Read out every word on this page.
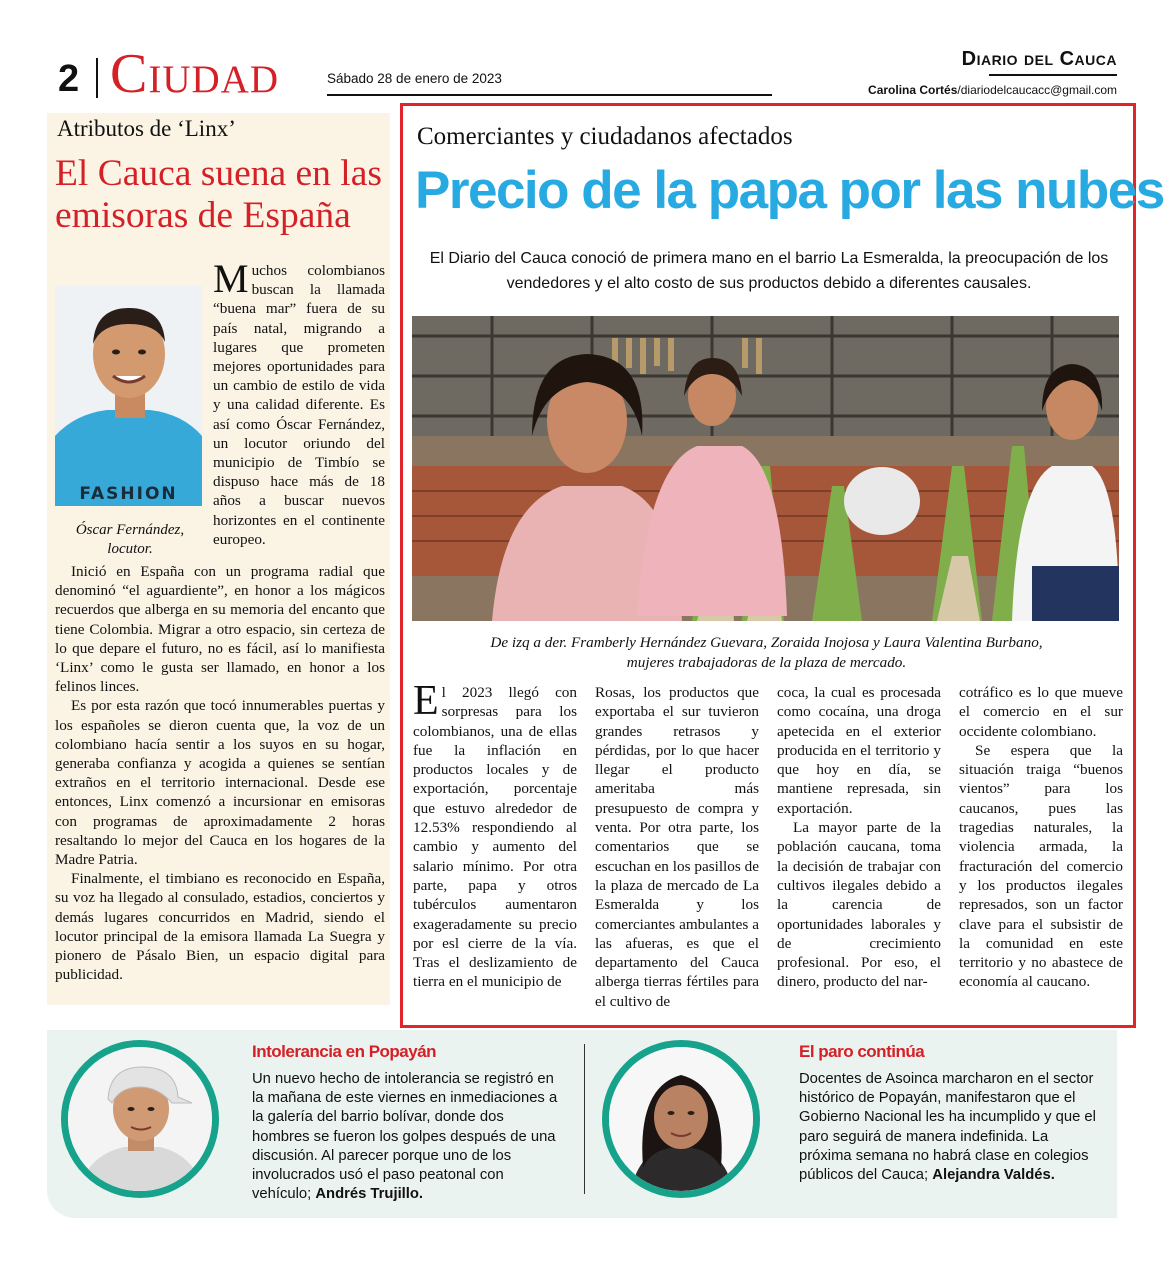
2 Ciudad	Sábado 28 de enero de 2023
Diario del Cauca
Carolina Cortés/diariodelcaucacc@gmail.com
Atributos de ‘Linx’
El Cauca suena en las emisoras de España
FASHION
Óscar Fernández, locutor.
Muchos colombianos buscan la llamada “buena mar” fuera de su país natal, migrando a lugares que prometen mejores oportunidades para un cambio de estilo de vida y una calidad diferente. Es así como Óscar Fernández, un locutor oriundo del municipio de Timbío se dispuso hace más de 18 años a buscar nuevos horizontes en el continente europeo.

Inició en España con un programa radial que denominó “el aguardiente”, en honor a los mágicos recuerdos que alberga en su memoria del encanto que tiene Colombia. Migrar a otro espacio, sin certeza de lo que depare el futuro, no es fácil, así lo manifiesta ‘Linx’ como le gusta ser llamado, en honor a los felinos linces.

Es por esta razón que tocó innumerables puertas y los españoles se dieron cuenta que, la voz de un colombiano hacía sentir a los suyos en su hogar, generaba confianza y acogida a quienes se sentían extraños en el territorio internacional. Desde ese entonces, Linx comenzó a incursionar en emisoras con programas de aproximadamente 2 horas resaltando lo mejor del Cauca en los hogares de la Madre Patria.

Finalmente, el timbiano es reconocido en España, su voz ha llegado al consulado, estadios, conciertos y demás lugares concurridos en Madrid, siendo el locutor principal de la emisora llamada La Suegra y pionero de Pásalo Bien, un espacio digital para publicidad.

Comerciantes y ciudadanos afectados
Precio de la papa por las nubes
El Diario del Cauca conoció de primera mano en el barrio La Esmeralda, la preocupación de los vendedores y el alto costo de sus productos debido a diferentes causales.
De izq a der. Framberly Hernández Guevara, Zoraida Inojosa y Laura Valentina Burbano,
mujeres trabajadoras de la plaza de mercado.

El 2023 llegó con sorpresas para los colombianos, una de ellas fue la inflación en productos locales y de exportación, porcentaje que estuvo alrededor de 12.53% respondiendo al cambio y aumento del salario mínimo. Por otra parte, papa y otros tubérculos aumentaron exageradamente su precio por esl cierre de la vía. Tras el deslizamiento de tierra en el municipio de

Rosas, los productos que exportaba el sur tuvieron grandes retrasos y pérdidas, por lo que hacer llegar el producto ameritaba más presupuesto de compra y venta. Por otra parte, los comentarios que se escuchan en los pasillos de la plaza de mercado de La Esmeralda y los comerciantes ambulantes a las afueras, es que el departamento del Cauca alberga tierras fértiles para el cultivo de

coca, la cual es procesada como cocaína, una droga apetecida en el exterior producida en el territorio y que hoy en día, se mantiene represada, sin exportación.

La mayor parte de la población caucana, toma la decisión de trabajar con cultivos ilegales debido a la carencia de oportunidades laborales y de crecimiento profesional. Por eso, el dinero, producto del nar-

cotráfico es lo que mueve el comercio en el sur occidente colombiano.

Se espera que la situación traiga “buenos vientos” para los caucanos, pues las tragedias naturales, la violencia armada, la fracturación del comercio y los productos ilegales represados, son un factor clave para el subsistir de la comunidad en este territorio y no abastece de economía al caucano.

Intolerancia en Popayán
Un nuevo hecho de intolerancia se registró en la mañana de este viernes en inmediaciones a la galería del barrio bolívar, donde dos hombres se fueron los golpes después de una discusión. Al parecer porque uno de los involucrados usó el paso peatonal con vehículo; Andrés Trujillo.
El paro continúa
Docentes de Asoinca marcharon en el sector histórico de Popayán, manifestaron que el Gobierno Nacional les ha incumplido y que el paro seguirá de manera indefinida. La próxima semana no habrá clase en colegios públicos del Cauca; Alejandra Valdés.
